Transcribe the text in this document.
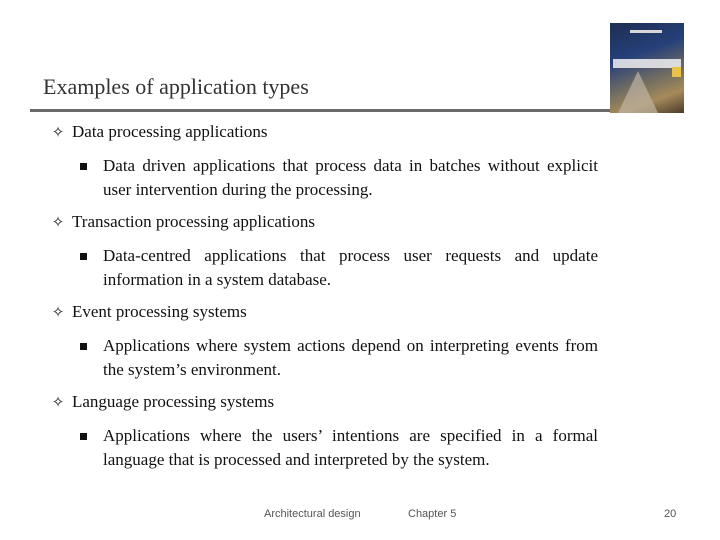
Examples of application types
✧ Data processing applications
Data driven applications that process data in batches without explicit user intervention during the processing.
✧ Transaction processing applications
Data-centred applications that process user requests and update information in a system database.
✧ Event processing systems
Applications where system actions depend on interpreting events from the system’s environment.
✧ Language processing systems
Applications where the users’ intentions are specified in a formal language that is processed and interpreted by the system.
Architectural design	Chapter 5	20
